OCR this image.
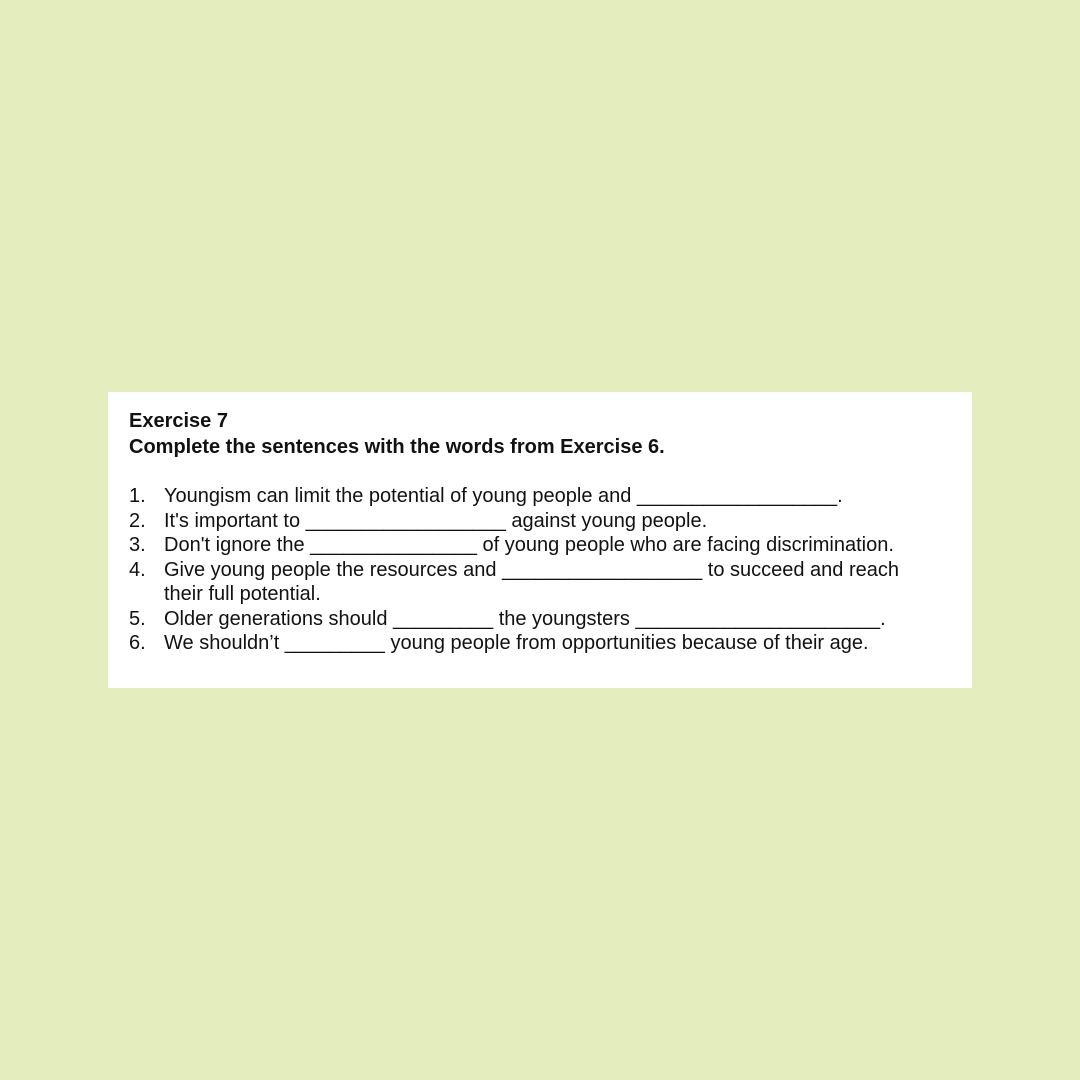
Exercise 7
Complete the sentences with the words from Exercise 6.
1. Youngism can limit the potential of young people and __________________.
2. It's important to __________________ against young people.
3. Don't ignore the _______________ of young people who are facing discrimination.
4. Give young people the resources and __________________ to succeed and reach
their full potential.
5. Older generations should _________ the youngsters ______________________.
6. We shouldn’t _________ young people from opportunities because of their age.
